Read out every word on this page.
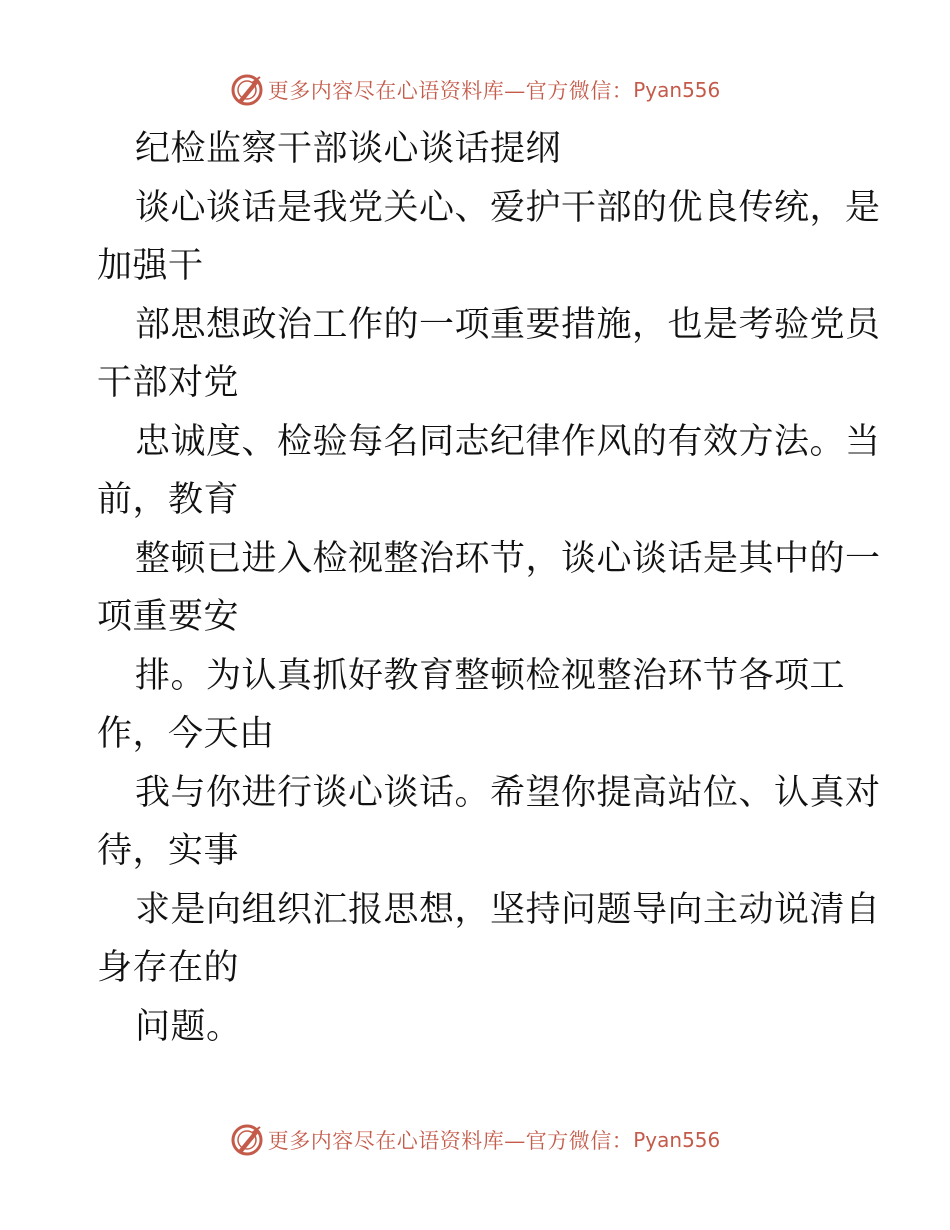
更多内容尽在心语资料库—官方微信： Pyan556
纪检监察干部谈心谈话提纲
谈心谈话是我党关心、爱护干部的优良传统，是
加强干
部思想政治工作的一项重要措施，也是考验党员
干部对党
忠诚度、检验每名同志纪律作风的有效方法。当
前，教育
整顿已进入检视整治环节，谈心谈话是其中的一
项重要安
排。为认真抓好教育整顿检视整治环节各项工
作，今天由
我与你进行谈心谈话。希望你提高站位、认真对
待，实事
求是向组织汇报思想，坚持问题导向主动说清自
身存在的
问题。
更多内容尽在心语资料库—官方微信： Pyan556
